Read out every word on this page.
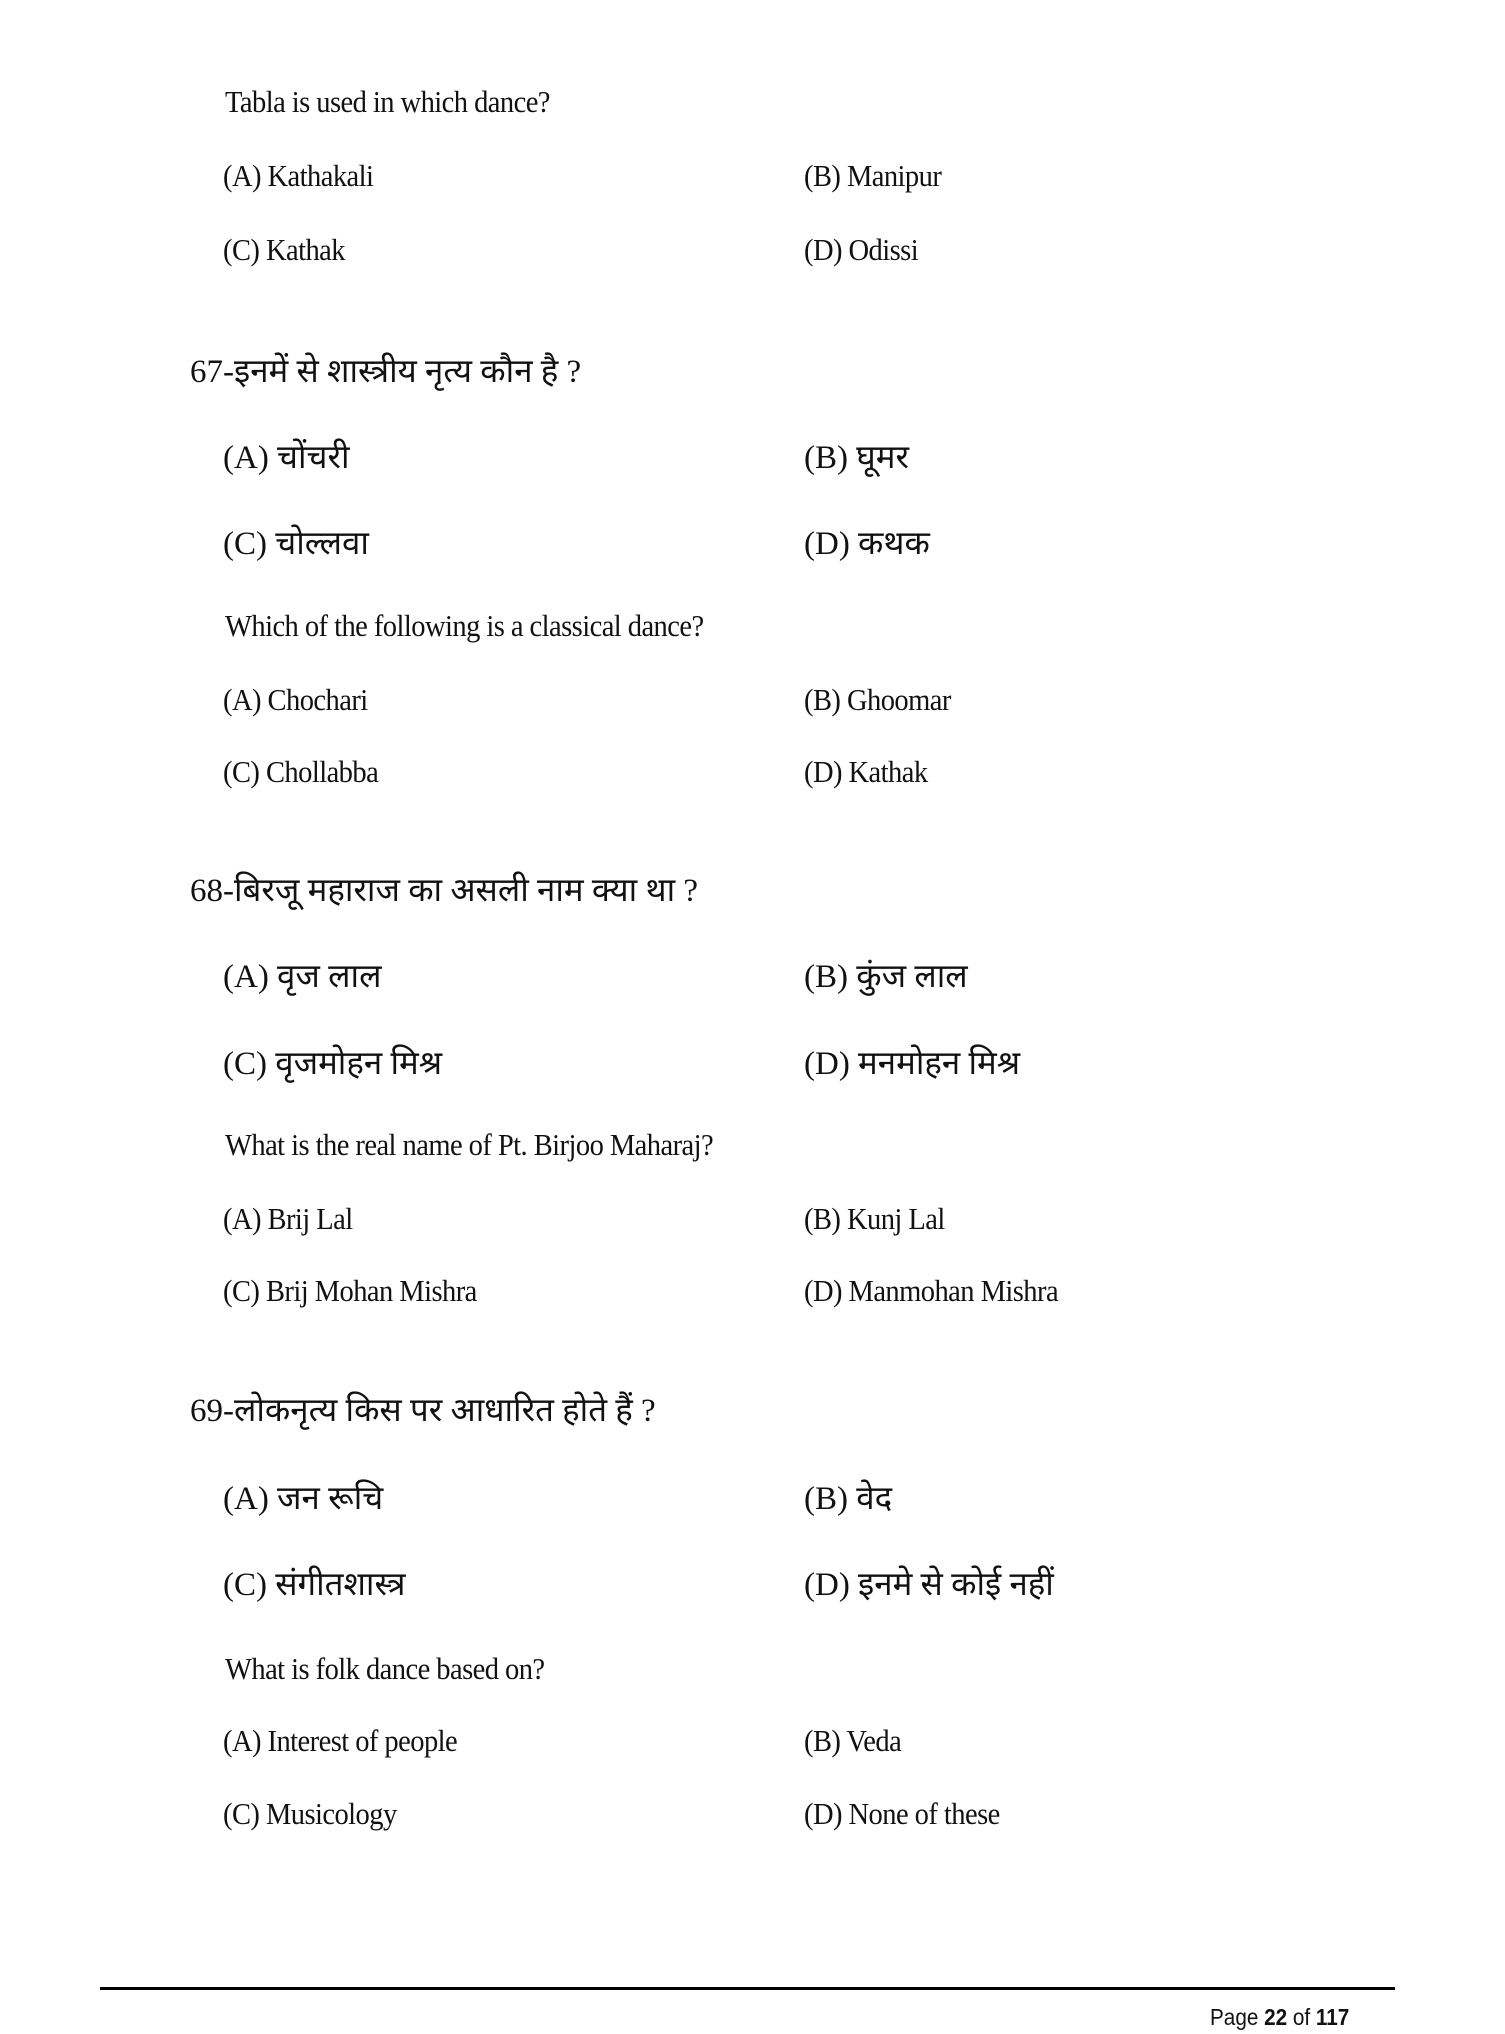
Tabla is used in which dance?
(A) Kathakali	(B) Manipur
(C) Kathak	(D) Odissi
67-इनमें से शास्त्रीय नृत्य कौन है ?
(A) चोंचरी	(B) घूमर
(C) चोल्लवा	(D) कथक
Which of the following is a classical dance?
(A) Chochari	(B) Ghoomar
(C) Chollabba	(D) Kathak
68-बिरजू महाराज का असली नाम क्या था ?
(A) वृज लाल	(B) कुंज लाल
(C) वृजमोहन मिश्र	(D) मनमोहन मिश्र
What is the real name of Pt. Birjoo Maharaj?
(A) Brij Lal	(B) Kunj Lal
(C) Brij Mohan Mishra	(D) Manmohan Mishra
69-लोकनृत्य किस पर आधारित होते हैं ?
(A) जन रूचि	(B) वेद
(C) संगीतशास्त्र	(D) इनमे से कोई नहीं
What is folk dance based on?
(A) Interest of people	(B) Veda
(C) Musicology	(D) None of these
Page 22 of 117
